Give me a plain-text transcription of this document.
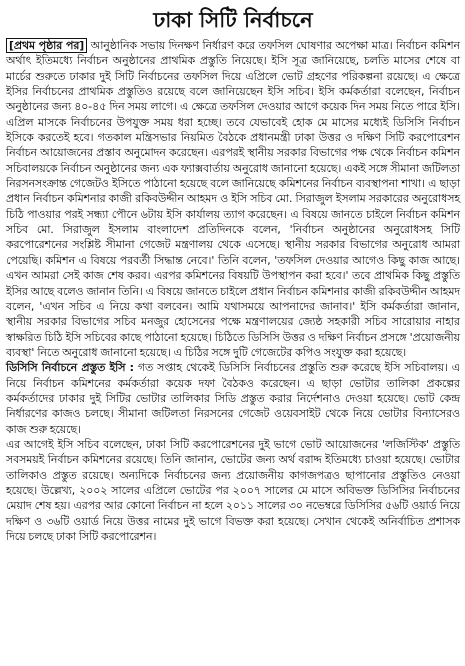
ঢাকা সিটি নির্বাচনে

[প্রথম পৃষ্ঠার পর] আনুষ্ঠানিক সভায় দিনক্ষণ নির্ধারণ করে তফসিল ঘোষণার অপেক্ষা মাত্র। নির্বাচন কমিশন অর্থাৎ ইতিমধ্যে নির্বাচন অনুষ্ঠানের প্রাথমিক প্রস্তুতি নিয়েছে। ইসি সূত্র জানিয়েছে, চলতি মাসের শেষে বা মার্চের শুরুতে ঢাকার দুই সিটি নির্বাচনের তফসিল দিয়ে এপ্রিলে ভোট গ্রহণের পরিকল্পনা রয়েছে। এ ক্ষেত্রে ইসির নির্বাচনের প্রাথমিক প্রস্তুতিও রয়েছে বলে জানিয়েছেন ইসি সচিব। ইসি কর্মকর্তারা বলেছেন, নির্বাচন অনুষ্ঠানের জন্য ৪০-৪৫ দিন সময় লাগে। এ ক্ষেত্রে তফসিল দেওয়ার আগে কয়েক দিন সময় নিতে পারে ইসি। এপ্রিল মাসকে নির্বাচনের উপযুক্ত সময় ধরা হচ্ছে। তবে যেভাবেই হোক মে মাসের মধ্যেই ডিসিসি নির্বাচন ইসিকে করতেই হবে। গতকাল মন্ত্রিসভার নিয়মিত বৈঠকে প্রধানমন্ত্রী ঢাকা উত্তর ও দক্ষিণ সিটি করপোরেশন নির্বাচন আয়োজনের প্রস্তাব অনুমোদন করেছেন। এরপরই স্থানীয় সরকার বিভাগের পক্ষ থেকে নির্বাচন কমিশন সচিবালয়কে নির্বাচন অনুষ্ঠানের জন্য এক ফ্যাক্সবার্তায় অনুরোধ জানানো হয়েছে। একই সঙ্গে সীমানা জটিলতা নিরসনসংক্রান্ত গেজেটও ইসিতে পাঠানো হয়েছে বলে জানিয়েছে কমিশনের নির্বাচন ব্যবস্থাপনা শাখা। এ ছাড়া প্রধান নির্বাচন কমিশনার কাজী রকিবউদ্দীন আহমদ ও ইসি সচিব মো. সিরাজুল ইসলাম সরকারের অনুরোধসহ চিঠি পাওয়ার পরই সন্ধ্যা পৌনে ৬টায় ইসি কার্যালয় ত্যাগ করেছেন। এ বিষয়ে জানতে চাইলে নির্বাচন কমিশন সচিব মো. সিরাজুল ইসলাম বাংলাদেশ প্রতিদিনকে বলেন, 'নির্বাচন অনুষ্ঠানের অনুরোধসহ সিটি করপোরেশনের সংশ্লিষ্ট সীমানা গেজেট মন্ত্রণালয় থেকে এসেছে। স্থানীয় সরকার বিভাগের অনুরোধ আমরা পেয়েছি। কমিশন এ বিষয়ে পরবর্তী সিদ্ধান্ত নেবে।' তিনি বলেন, 'তফসিল দেওয়ার আগেও কিছু কাজ আছে। এখন আমরা সেই কাজ শেষ করব। এরপর কমিশনের বিষয়টি উপস্থাপন করা হবে।' তবে প্রাথমিক কিছু প্রস্তুতি ইসির আছে বলেও জানান তিনি। এ বিষয়ে জানতে চাইলে প্রধান নির্বাচন কমিশনার কাজী রকিবউদ্দীন আহমদ বলেন, 'এখন সচিব এ নিয়ে কথা বলবেন। আমি যথাসময়ে আপনাদের জানাব।' ইসি কর্মকর্তারা জানান, স্থানীয় সরকার বিভাগের সচিব মনজুর হোসেনের পক্ষে মন্ত্রণালয়ের জ্যেষ্ঠ সহকারী সচিব সারোয়ার নাহার স্বাক্ষরিত চিঠি ইসি সচিবের কাছে পাঠানো হয়েছে। চিঠিতে ডিসিসি উত্তর ও দক্ষিণ নির্বাচন প্রসঙ্গে 'প্রয়োজনীয় ব্যবস্থা' নিতে অনুরোধ জানানো হয়েছে। এ চিঠির সঙ্গে দুটি গেজেটের কপিও সংযুক্ত করা হয়েছে।

ডিসিসি নির্বাচনে প্রস্তুত ইসি : গত সপ্তাহ থেকেই ডিসিসি নির্বাচনের প্রস্তুতি শুরু করেছে ইসি সচিবালয়। এ নিয়ে নির্বাচন কমিশনের কর্মকর্তারা কয়েক দফা বৈঠকও করেছেন। এ ছাড়া ভোটার তালিকা প্রকল্পের কর্মকর্তাদের ঢাকার দুই সিটির ভোটার তালিকার সিডি প্রস্তুত করার নির্দেশনাও দেওয়া হয়েছে। ভোট কেন্দ্র নির্ধারণের কাজও চলছে। সীমানা জটিলতা নিরসনের গেজেট ওয়েবসাইট থেকে নিয়ে ভোটার বিন্যাসেরও কাজ শুরু হয়েছে।

এর আগেই ইসি সচিব বলেছেন, ঢাকা সিটি করপোরেশনের দুই ভাগে ভোট আয়োজনের 'লজিস্টিক' প্রস্তুতি সবসময়ই নির্বাচন কমিশনের রয়েছে। তিনি জানান, ভোটের জন্য অর্থ বরাদ্দ ইতিমধ্যে চাওয়া হয়েছে। ভোটার তালিকাও প্রস্তুত রয়েছে। অন্যদিকে নির্বাচনের জন্য প্রয়োজনীয় কাগজপত্রও ছাপানোর প্রস্তুতিও নেওয়া হয়েছে। উল্লেখ্য, ২০০২ সালের এপ্রিলে ভোটের পর ২০০৭ সালের মে মাসে অবিভক্ত ডিসিসির নির্বাচনের মেয়াদ শেষ হয়। এরপর আর কোনো নির্বাচন না হলে ২০১১ সালের ৩০ নভেম্বরে ডিসিসির ৫৬টি ওয়ার্ড নিয়ে দক্ষিণ ও ৩৬টি ওয়ার্ড নিয়ে উত্তর নামের দুই ভাগে বিভক্ত করা হয়েছে। সেখান থেকেই অনির্বাচিত প্রশাসক দিয়ে চলছে ঢাকা সিটি করপোরেশন।
